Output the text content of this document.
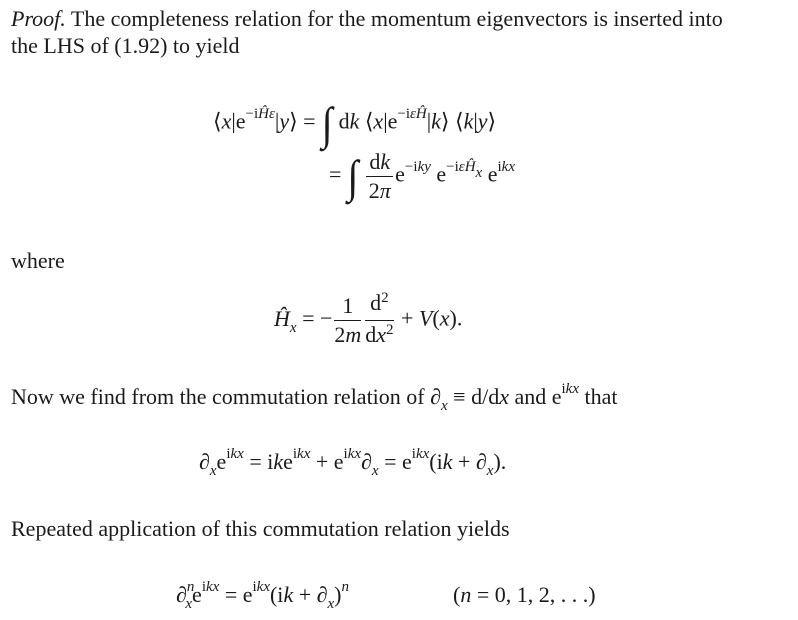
Proof. The completeness relation for the momentum eigenvectors is inserted into

the LHS of (1.92) to yield

$⟨x|e^{-iĤ\varepsilon}|y⟩$ = ∫ dk $⟨x|e^{-i\varepsilon Ĥ}|k⟩$ ⟨k|y⟩
= ∫ $\frac{dk}{2\pi} e^{-iky}$ $e^{-i\varepsilon Ĥx}$ $e^{ikx}$

where

$Ĥ_x$ = − $\frac{1}{2m} \frac{d^2}{dx^2} + V(x)$.

Now we find from the commutation relation of $\partial_x \equiv d/dx$ and $e^{ikx}$ that

$\partial_xe^{ikx} = ike^{ikx} + e^{ikx}\partial_x = e^{ikx}(ik + \partial_x)$.

Repeated application of this commutation relation yields

$\partial^n_xe^{ikx} = e^{ikx}(ik + \partial_x)^n$	(n = 0, 1, 2, . . .)
